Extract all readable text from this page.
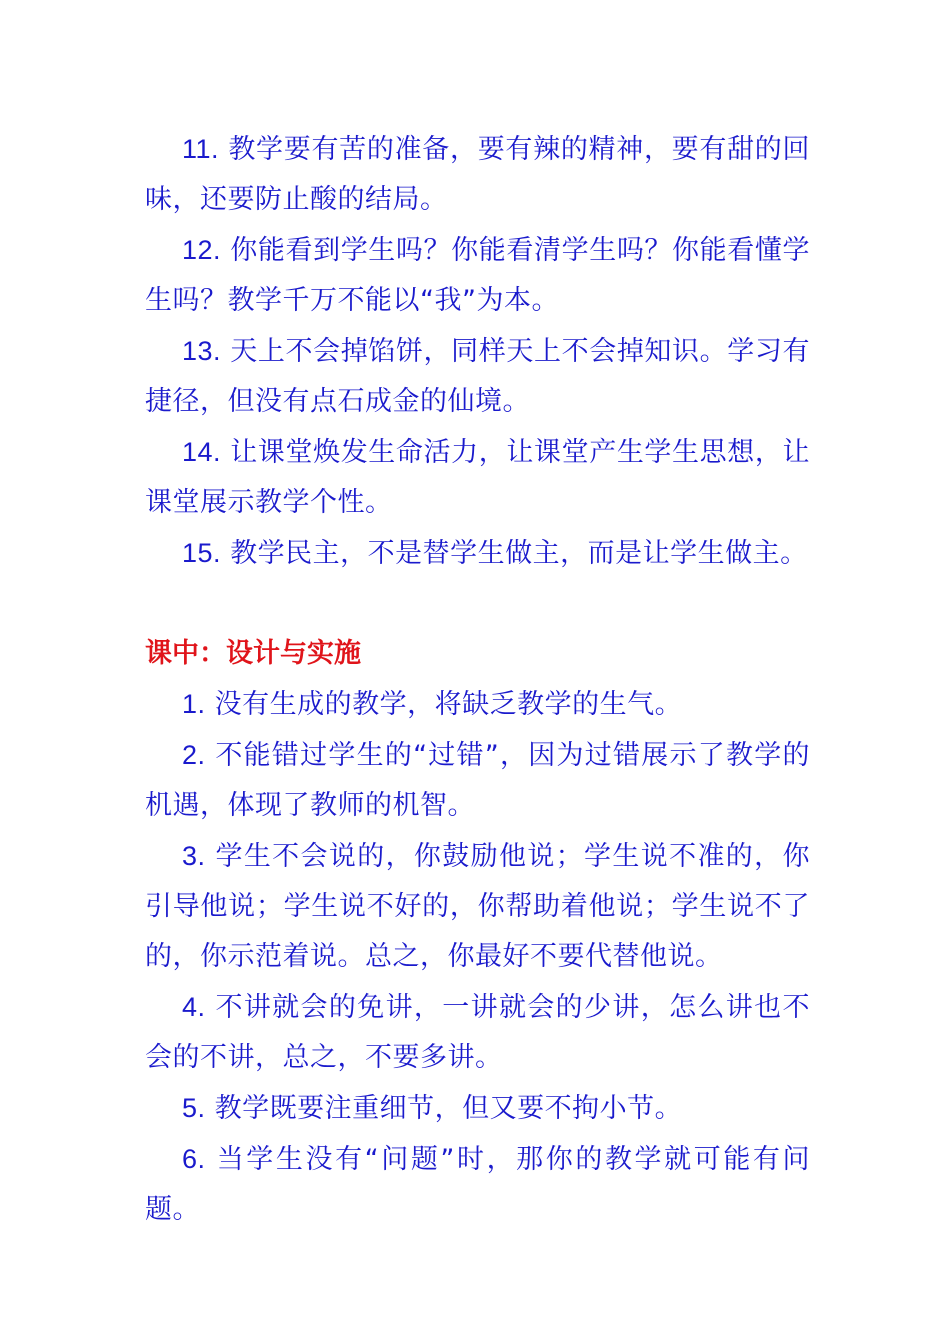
11. 教学要有苦的准备，要有辣的精神，要有甜的回味，还要防止酸的结局。

12. 你能看到学生吗？你能看清学生吗？你能看懂学生吗？教学千万不能以“我”为本。

13. 天上不会掉馅饼，同样天上不会掉知识。学习有捷径，但没有点石成金的仙境。

14. 让课堂焕发生命活力，让课堂产生学生思想，让课堂展示教学个性。

15. 教学民主，不是替学生做主，而是让学生做主。

课中：设计与实施

1. 没有生成的教学，将缺乏教学的生气。

2. 不能错过学生的“过错”，因为过错展示了教学的机遇，体现了教师的机智。

3. 学生不会说的，你鼓励他说；学生说不准的，你引导他说；学生说不好的，你帮助着他说；学生说不了的，你示范着说。总之，你最好不要代替他说。

4. 不讲就会的免讲，一讲就会的少讲，怎么讲也不会的不讲，总之，不要多讲。

5. 教学既要注重细节，但又要不拘小节。

6. 当学生没有“问题”时，那你的教学就可能有问题。
